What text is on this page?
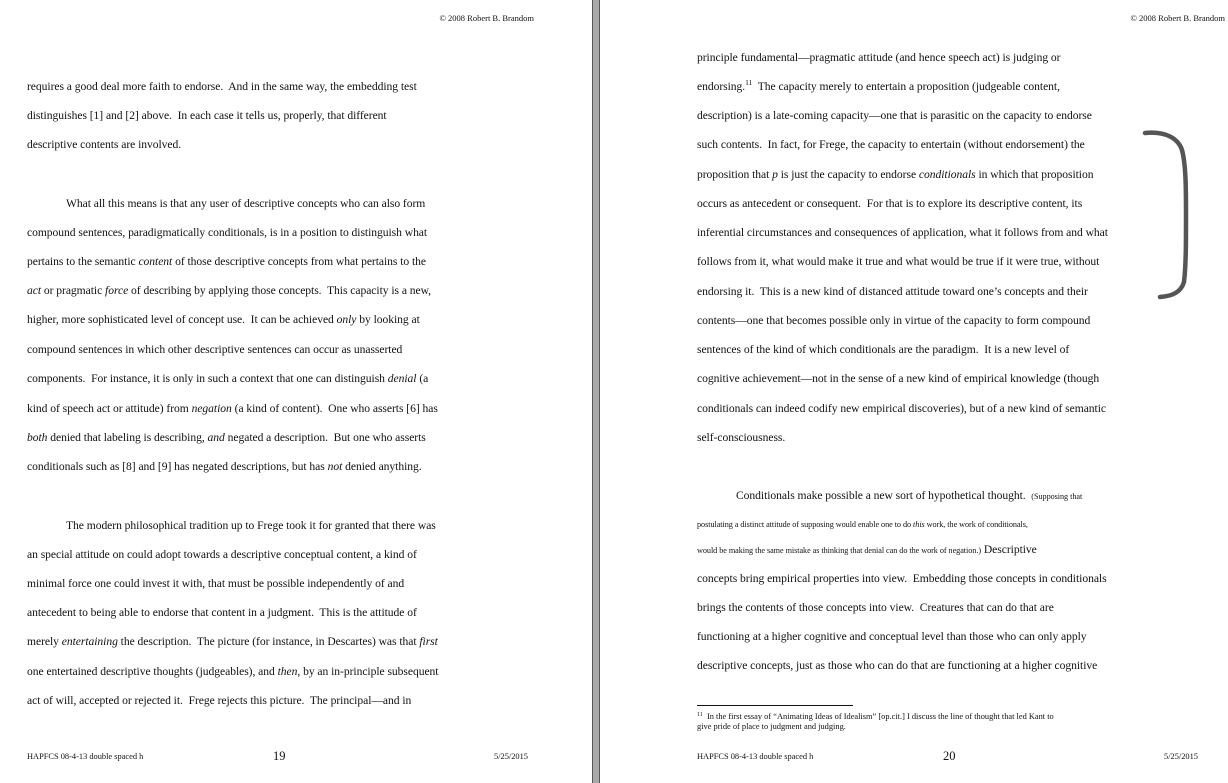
© 2008 Robert B. Brandom
requires a good deal more faith to endorse.  And in the same way, the embedding test
distinguishes [1] and [2] above.  In each case it tells us, properly, that different
descriptive contents are involved.
What all this means is that any user of descriptive concepts who can also form
compound sentences, paradigmatically conditionals, is in a position to distinguish what
pertains to the semantic content of those descriptive concepts from what pertains to the
act or pragmatic force of describing by applying those concepts.  This capacity is a new,
higher, more sophisticated level of concept use.  It can be achieved only by looking at
compound sentences in which other descriptive sentences can occur as unasserted
components.  For instance, it is only in such a context that one can distinguish denial (a
kind of speech act or attitude) from negation (a kind of content).  One who asserts [6] has
both denied that labeling is describing, and negated a description.  But one who asserts
conditionals such as [8] and [9] has negated descriptions, but has not denied anything.
The modern philosophical tradition up to Frege took it for granted that there was
an special attitude on could adopt towards a descriptive conceptual content, a kind of
minimal force one could invest it with, that must be possible independently of and
antecedent to being able to endorse that content in a judgment.  This is the attitude of
merely entertaining the description.  The picture (for instance, in Descartes) was that first
one entertained descriptive thoughts (judgeables), and then, by an in-principle subsequent
act of will, accepted or rejected it.  Frege rejects this picture.  The principal—and in
HAPFCS 08-4-13 double spaced h	19	5/25/2015
© 2008 Robert B. Brandom
principle fundamental—pragmatic attitude (and hence speech act) is judging or
endorsing.$^{11}$  The capacity merely to entertain a proposition (judgeable content,
description) is a late-coming capacity—one that is parasitic on the capacity to endorse
such contents.  In fact, for Frege, the capacity to entertain (without endorsement) the
proposition that p is just the capacity to endorse conditionals in which that proposition
occurs as antecedent or consequent.  For that is to explore its descriptive content, its
inferential circumstances and consequences of application, what it follows from and what
follows from it, what would make it true and what would be true if it were true, without
endorsing it.  This is a new kind of distanced attitude toward one’s concepts and their
contents—one that becomes possible only in virtue of the capacity to form compound
sentences of the kind of which conditionals are the paradigm.  It is a new level of
cognitive achievement—not in the sense of a new kind of empirical knowledge (though
conditionals can indeed codify new empirical discoveries), but of a new kind of semantic
self-consciousness.
Conditionals make possible a new sort of hypothetical thought.  (Supposing that
postulating a distinct attitude of supposing would enable one to do this work, the work of conditionals,
would be making the same mistake as thinking that denial can do the work of negation.) Descriptive
concepts bring empirical properties into view.  Embedding those concepts in conditionals
brings the contents of those concepts into view.  Creatures that can do that are
functioning at a higher cognitive and conceptual level than those who can only apply
descriptive concepts, just as those who can do that are functioning at a higher cognitive
$^{11}$  In the first essay of “Animating Ideas of Idealism” [op.cit.] I discuss the line of thought that led Kant to
give pride of place to judgment and judging.
HAPFCS 08-4-13 double spaced h	20	5/25/2015
